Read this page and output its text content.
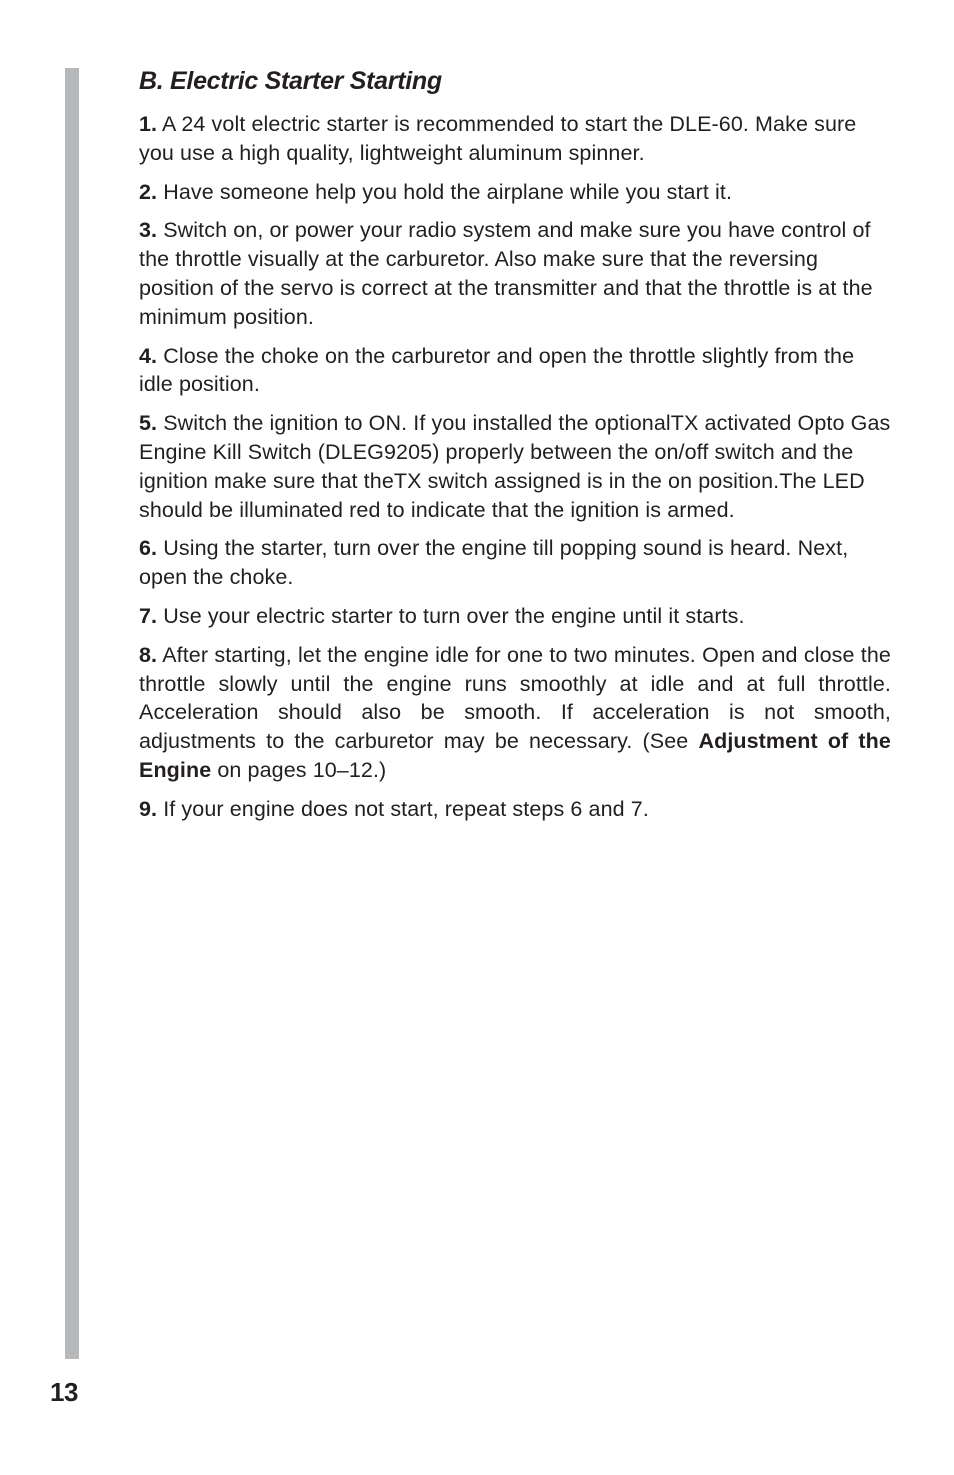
B. Electric Starter Starting

1. A 24 volt electric starter is recommended to start the DLE-60. Make sure you use a high quality, lightweight aluminum spinner.

2. Have someone help you hold the airplane while you start it.

3. Switch on, or power your radio system and make sure you have control of the throttle visually at the carburetor. Also make sure that the reversing position of the servo is correct at the transmitter and that the throttle is at the minimum position.

4. Close the choke on the carburetor and open the throttle slightly from the idle position.

5. Switch the ignition to ON. If you installed the optionalTX activated Opto Gas Engine Kill Switch (DLEG9205) properly between the on/off switch and the ignition make sure that theTX switch assigned is in the on position.The LED should be illuminated red to indicate that the ignition is armed.

6. Using the starter, turn over the engine till popping sound is heard. Next, open the choke.

7. Use your electric starter to turn over the engine until it starts.

8. After starting, let the engine idle for one to two minutes. Open and close the throttle slowly until the engine runs smoothly at idle and at full throttle. Acceleration should also be smooth. If acceleration is not smooth, adjustments to the carburetor may be necessary. (See Adjustment of the Engine on pages 10–12.)

9. If your engine does not start, repeat steps 6 and 7.

13
